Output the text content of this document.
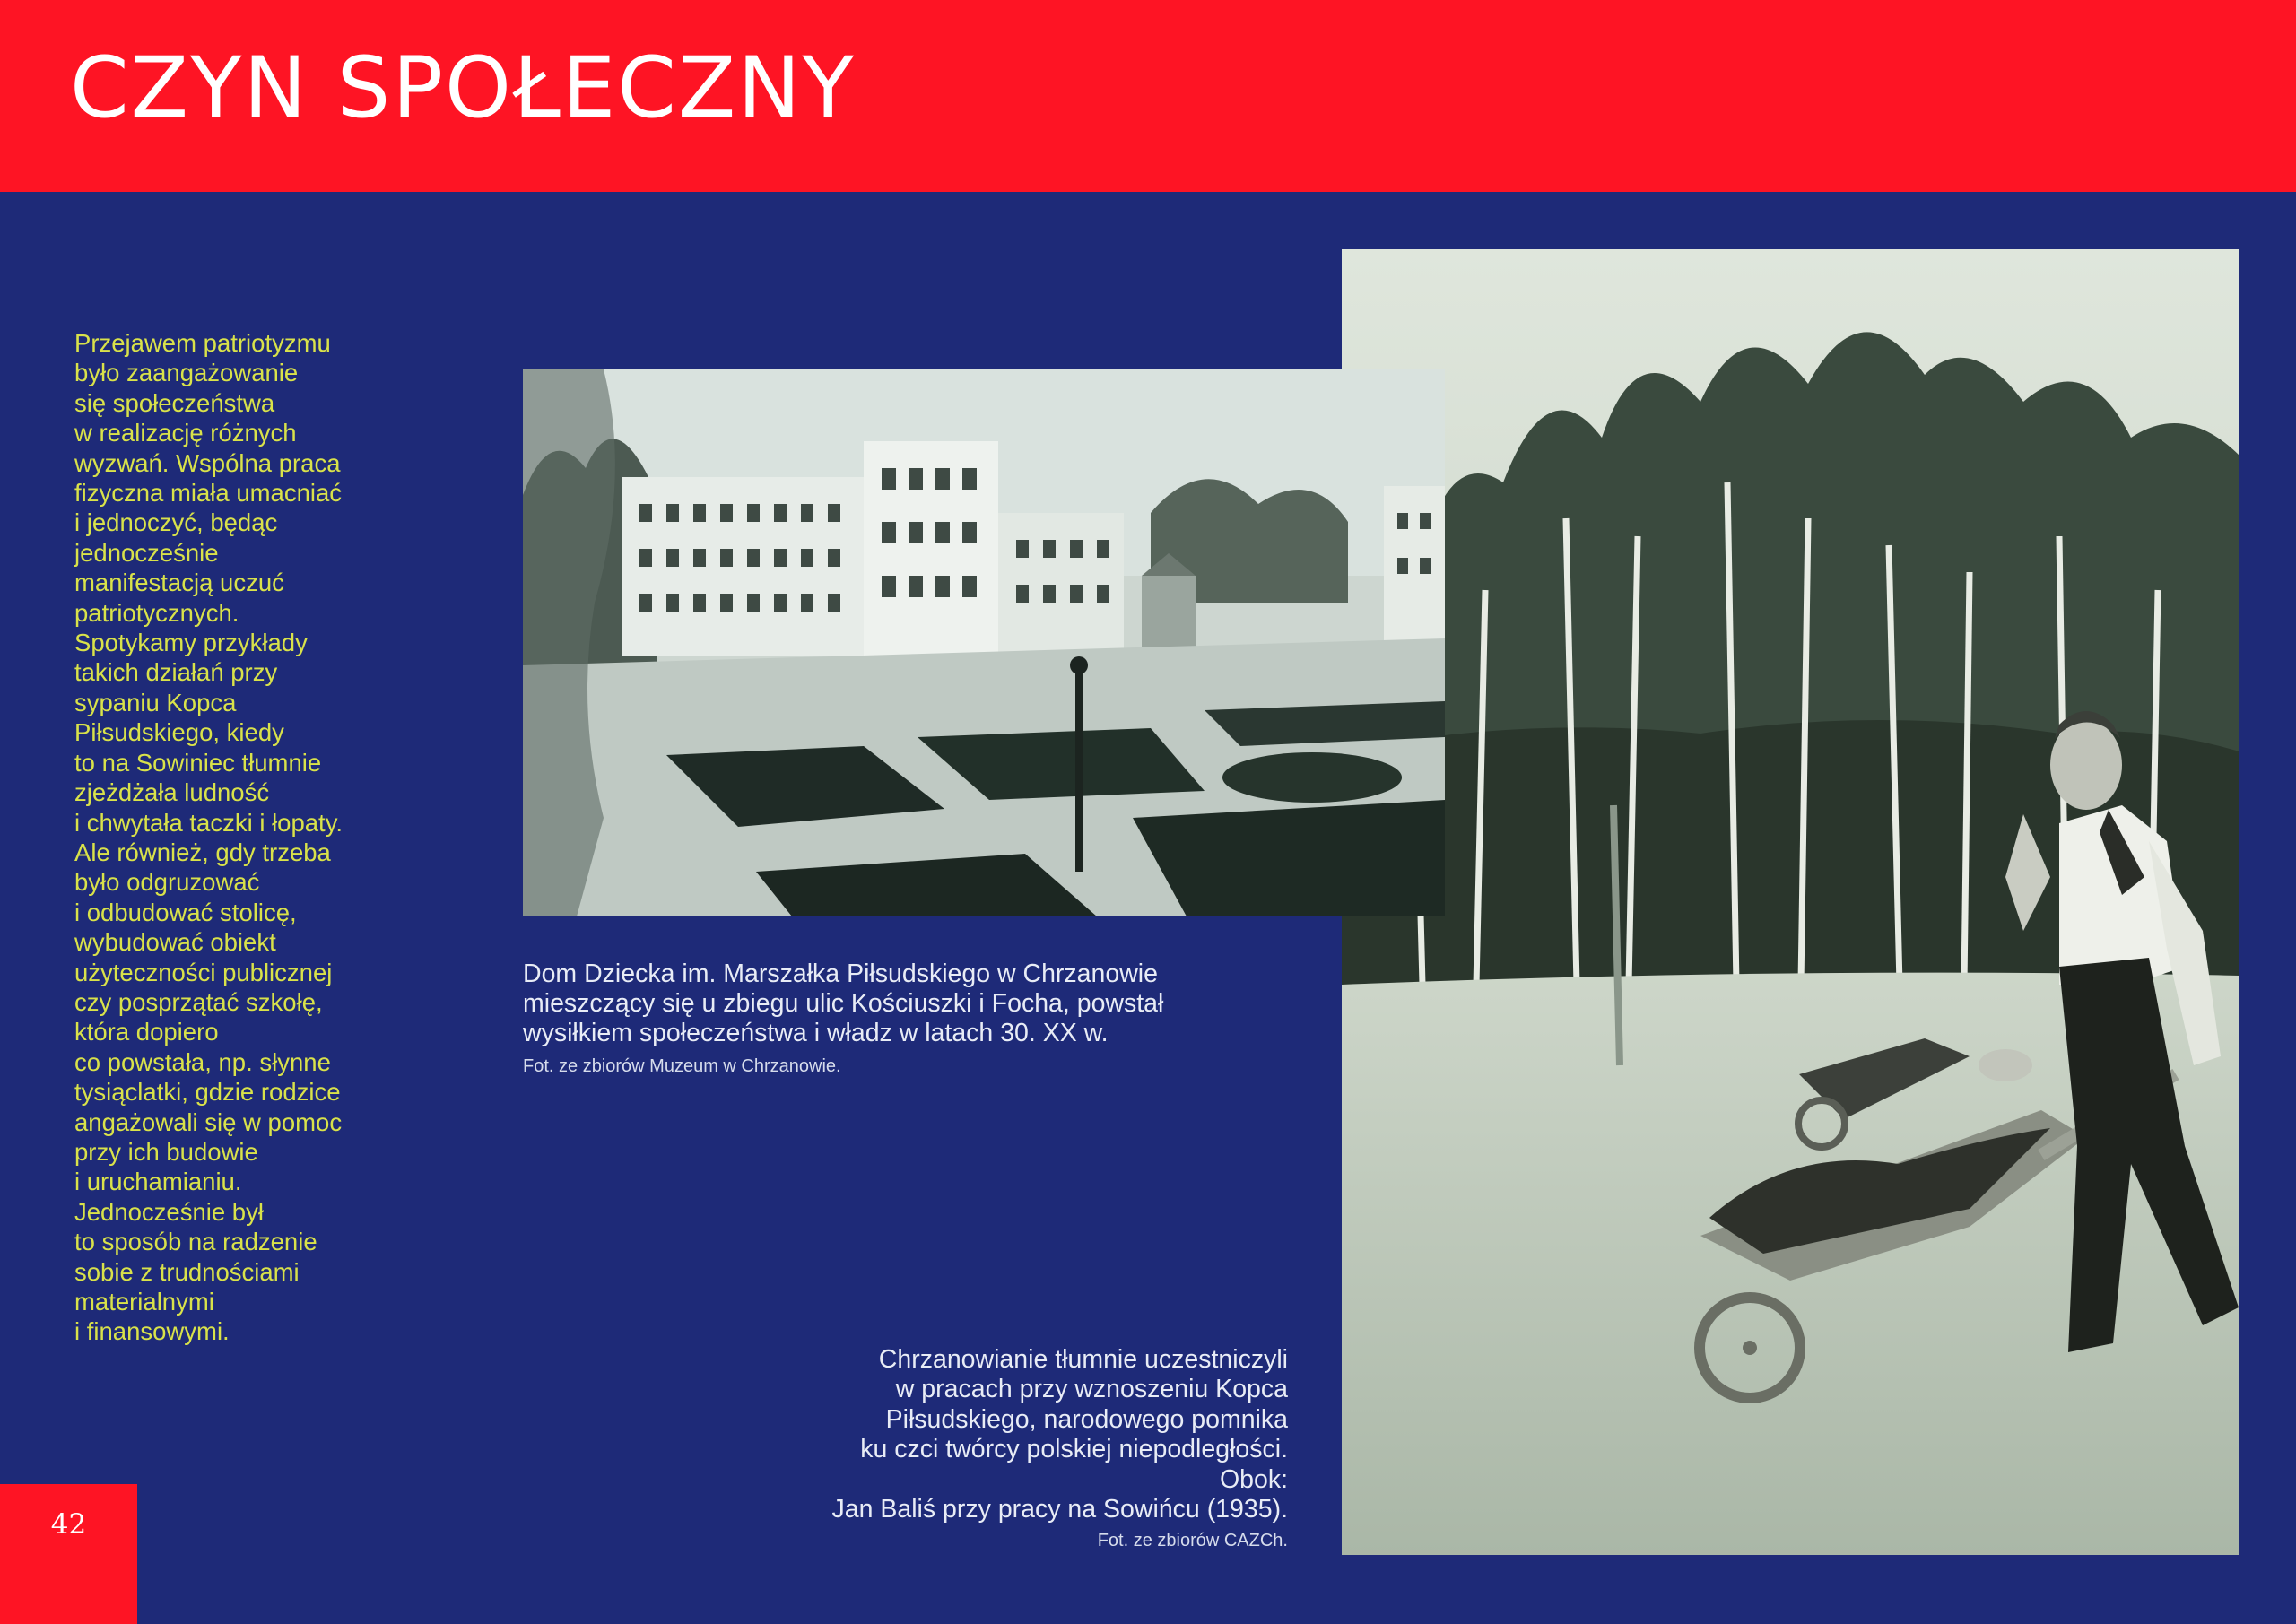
CZYN SPOŁECZNY
Przejawem patriotyzmu
było zaangażowanie
się społeczeństwa
w realizację różnych
wyzwań. Wspólna praca
fizyczna miała umacniać
i jednoczyć, będąc
jednocześnie
manifestacją uczuć
patriotycznych.
Spotykamy przykłady
takich działań przy
sypaniu Kopca
Piłsudskiego, kiedy
to na Sowiniec tłumnie
zjeżdżała ludność
i chwytała taczki i łopaty.
Ale również, gdy trzeba
było odgruzować
i odbudować stolicę,
wybudować obiekt
użyteczności publicznej
czy posprzątać szkołę,
która dopiero
co powstała, np. słynne
tysiąclatki, gdzie rodzice
angażowali się w pomoc
przy ich budowie
i uruchamianiu.
Jednocześnie był
to sposób na radzenie
sobie z trudnościami
materialnymi
i finansowymi.
Dom Dziecka im. Marszałka Piłsudskiego w Chrzanowie
mieszczący się u zbiegu ulic Kościuszki i Focha, powstał
wysiłkiem społeczeństwa i władz w latach 30. XX w.
Fot. ze zbiorów Muzeum w Chrzanowie.
Chrzanowianie tłumnie uczestniczyli
w pracach przy wznoszeniu Kopca
Piłsudskiego, narodowego pomnika
ku czci twórcy polskiej niepodległości.
Obok:
Jan Baliś przy pracy na Sowińcu (1935).
Fot. ze zbiorów CAZCh.
42
